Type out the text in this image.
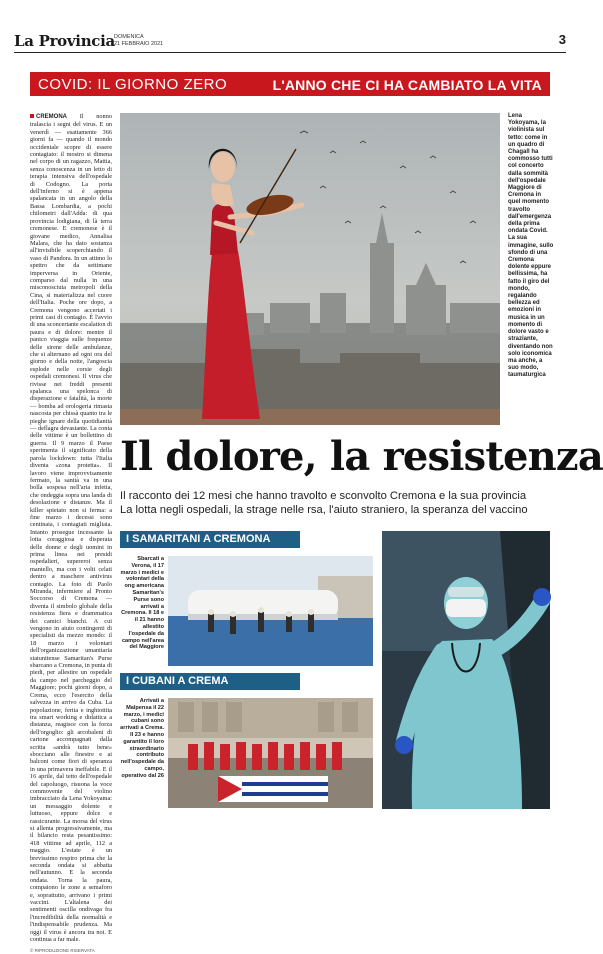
La Provincia DOMENICA
21 FEBBRAIO 2021	3
COVID: IL GIORNO ZERO	L'ANNO CHE CI HA CAMBIATO LA VITA

CREMONA Il nonno tralascia i segni del virus. E un venerdì — esattamente 366 giorni fa — quando il mondo occidentale scopre di essere contagiato: il mostro si dimena nel corpo di un ragazzo, Mattia, senza conoscenza in un letto di terapia intensiva dell'ospedale di Codogno. La porta dell'inferno si è appena spalancata in un angolo della Bassa Lombardia, a pochi chilometri dall'Adda: di qua provincia lodigiana, di là terra cremonese. E cremonese è il giovane medico, Annalisa Malara, che ha dato sostanza all'invisibile scoperchiando il vaso di Pandora. In un attimo lo spettro che da settimane imperversa in Oriente, comparso dal nulla in una misconosciuta metropoli della Cina, si materializza nel cuore dell'Italia. Poche ore dopo, a Cremona vengono accertati i primi casi di contagio. È l'avvio di una sconcertante escalation di paura e di dolore: mentre il panico viaggia sulle frequenze delle sirene delle ambulanze, che si alternano ad ogni ora del giorno e della notte, l'angoscia esplode nelle corsie degli ospedali cremonesi. Il virus che rivisse nei freddi presenti spalanca una spelonca di disperazione e fatalità, la morte — bomba ad orologeria rimasta nascosta per chissà quanto tra le pieghe ignare della quotidianità — deflagra devastante. La conta delle vittime è un bollettino di guerra. Il 9 marzo il Paese sperimenta il significato della parola lockdown: tutta l'Italia diventa «zona protetta». Il lavoro viene improvvisamente fermato, la sanità va in una bolla sospesa nell'aria infetta, che ondeggia sopra una landa di desolazione e distanze. Ma il killer spietato non si ferma: a fine marzo i decessi sono centinaia, i contagiati migliaia. Intanto prosegue incessante la lotta coraggiosa e disperata delle donne e degli uomini in prima linea nei presidi ospedalieri, supereroi senza mantello, ma con i volti celati dentro a maschere antivirus contagio. La foto di Paolo Miranda, infermiere al Pronto Soccorso di Cremona — diventa il simbolo globale della resistenza fiera e drammatica dei camici bianchi. A cui vengono in aiuto contingenti di specialisti da mezzo mondo: il 18 marzo i volontari dell'organizzazione umanitaria statunitense Samaritan's Purse sbarcano a Cremona, in punta di piedi, per allestire un ospedale da campo nel parcheggio del Maggiore; pochi giorni dopo, a Crema, ecco l'esercito della salvezza in arrivo da Cuba. La popolazione, ferita e inghiottita tra smart working e didattica a distanza, reagisce con la forza dell'orgoglio: gli arcobaleni di cartone accompagnati dalla scritta «andrà tutto bene» sbocciano alle finestre e ai balconi come fiori di speranza in una primavera ineffabile. E il 16 aprile, dal tetto dell'ospedale del capoluogo, risuona la voce commovente del violino imbracciato da Lena Yokoyama: un messaggio dolente e luttuoso, eppure dolce e rassicurante. La morsa del virus si allenta progressivamente, ma il bilancio resta pesantissimo: 418 vittime ad aprile, 112 a maggio. L'estate è un brevissimo respiro prima che la seconda ondata si abbatta nell'autunno. E la seconda ondata. Torna la paura, compaiono le zone a semaforo e, soprattutto, arrivano i primi vaccini. L'altalena dei sentimenti oscilla ondivaga fra l'incredibilità della normalità e l'indispensabile prudenza. Ma oggi il virus è ancora tra noi. E continua a far male.

© RIPRODUZIONE RISERVATA

Lena Yokoyama, la violinista sul tetto: come in un quadro di Chagall ha commosso tutti col concerto dalla sommità dell'ospedale Maggiore di Cremona in quel momento travolto dall'emergenza della prima ondata Covid. La sua immagine, sullo sfondo di una Cremona dolente eppure bellissima, ha fatto il giro del mondo, regalando bellezza ed emozioni in musica in un momento di dolore vasto e straziante, diventando non solo iconomica ma anche, a suo modo, taumaturgica
Il dolore, la resistenza
Il racconto dei 12 mesi che hanno travolto e sconvolto Cremona e la sua provincia
La lotta negli ospedali, la strage nelle rsa, l'aiuto straniero, la speranza del vaccino
I SAMARITANI A CREMONA
Sbarcati a Verona, il 17 marzo i medici e volontari della ong americana Samaritan's Purse sono arrivati a Cremona. Il 18 e il 21 hanno allestito l'ospedale da campo nell'area del Maggiore
I CUBANI A CREMA
Arrivati a Malpensa il 22 marzo, i medici cubani sono arrivati a Crema. Il 23 e hanno garantito il loro straordinario contributo nell'ospedale da campo, operativo dal 26
